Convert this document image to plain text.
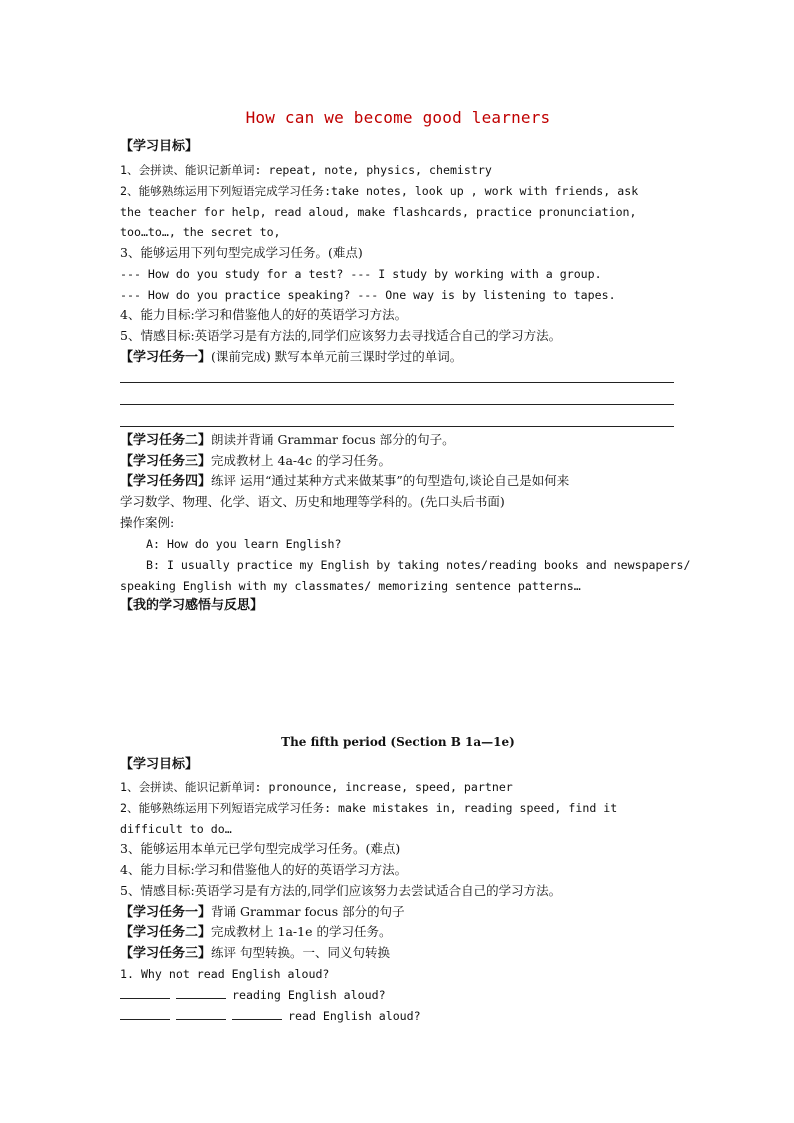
How can we become good learners
【学习目标】
1、会拼读、能识记新单词: repeat, note, physics, chemistry
2、能够熟练运用下列短语完成学习任务:take notes, look up , work with friends, ask
the teacher for help, read aloud, make flashcards, practice pronunciation,
too…to…, the secret to,
3、能够运用下列句型完成学习任务。(难点)
--- How do you study for a test? --- I study by working with a group.
--- How do you practice speaking? --- One way is by listening to tapes.
4、能力目标:学习和借鉴他人的好的英语学习方法。
5、情感目标:英语学习是有方法的,同学们应该努力去寻找适合自己的学习方法。
【学习任务一】(课前完成) 默写本单元前三课时学过的单词。
【学习任务二】朗读并背诵 Grammar focus 部分的句子。
【学习任务三】完成教材上 4a-4c 的学习任务。
【学习任务四】练评 运用“通过某种方式来做某事”的句型造句,谈论自己是如何来
学习数学、物理、化学、语文、历史和地理等学科的。(先口头后书面)
操作案例:
A: How do you learn English?
B: I usually practice my English by taking notes/reading books and newspapers/
speaking English with my classmates/ memorizing sentence patterns…
【我的学习感悟与反思】
The fifth period (Section B 1a—1e)
【学习目标】
1、会拼读、能识记新单词: pronounce, increase, speed, partner
2、能够熟练运用下列短语完成学习任务: make mistakes in, reading speed, find it
difficult to do…
3、能够运用本单元已学句型完成学习任务。(难点)
4、能力目标:学习和借鉴他人的好的英语学习方法。
5、情感目标:英语学习是有方法的,同学们应该努力去尝试适合自己的学习方法。
【学习任务一】背诵 Grammar focus 部分的句子
【学习任务二】完成教材上 1a-1e 的学习任务。
【学习任务三】练评 句型转换。一、同义句转换
1. Why not read English aloud?
reading English aloud?
read English aloud?
